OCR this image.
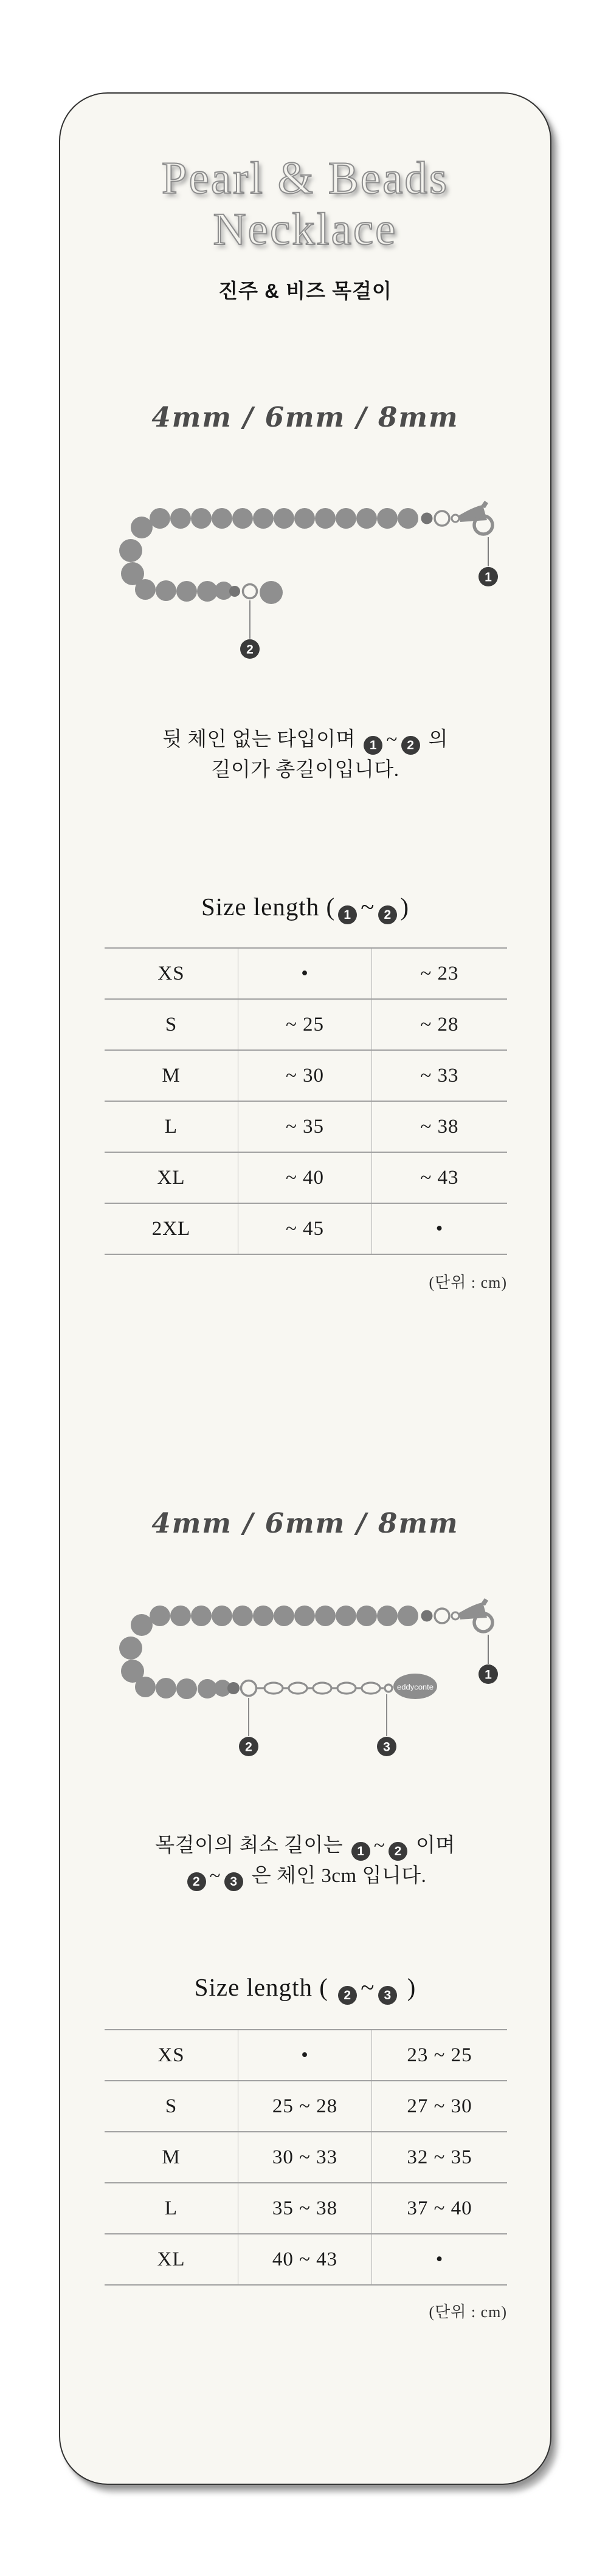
Pearl & Beads
Necklace
진주 & 비즈 목걸이
4mm / 6mm / 8mm
1
2
뒷 체인 없는 타입이며 1 ~ 2 의
길이가 총길이입니다.
Size length ( 1 ~ 2 )
XS	•	~ 23
S	~ 25	~ 28
M	~ 30	~ 33
L	~ 35	~ 38
XL	~ 40	~ 43
2XL	~ 45	•
(단위 : cm)
4mm / 6mm / 8mm
1
eddyconte
2	3
목걸이의 최소 길이는 1 ~ 2 이며
2 ~ 3 은 체인 3cm 입니다.
Size length ( 2 ~ 3 )
XS	•	23 ~ 25
S	25 ~ 28	27 ~ 30
M	30 ~ 33	32 ~ 35
L	35 ~ 38	37 ~ 40
XL	40 ~ 43	•
(단위 : cm)
